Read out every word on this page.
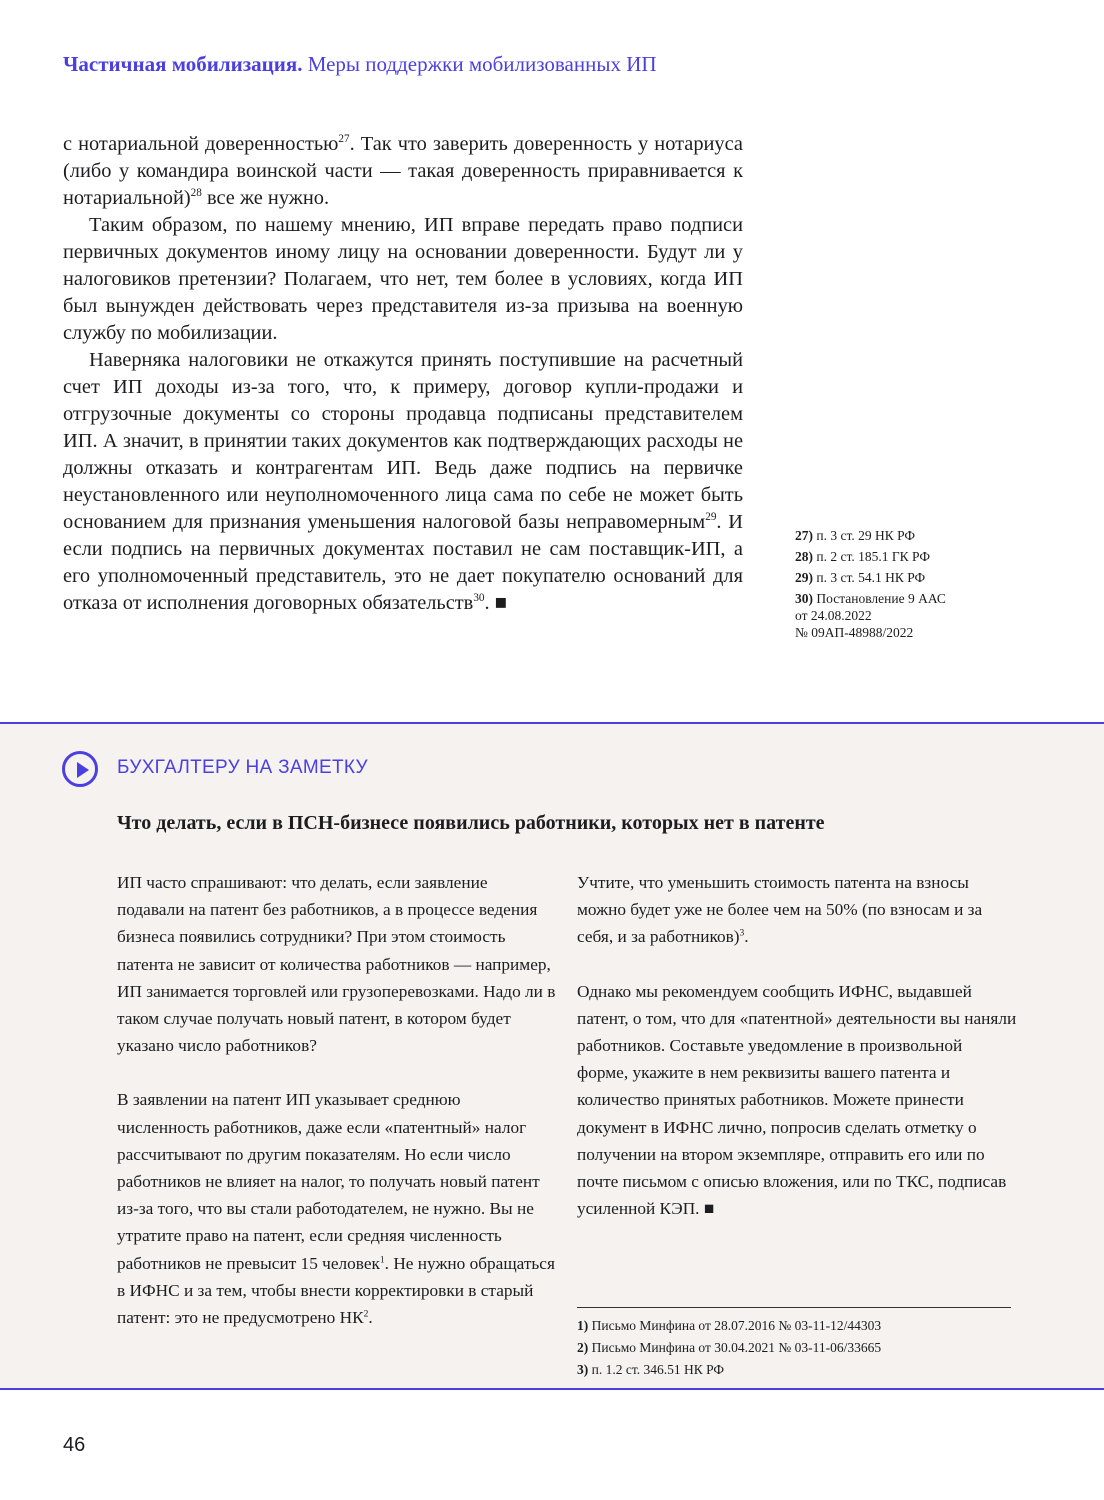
Частичная мобилизация. Меры поддержки мобилизованных ИП

с нотариальной доверенностью$^{27}$. Так что заверить доверенность у нотариуса (либо у командира воинской части — такая доверенность приравнивается к нотариальной)$^{28}$ все же нужно.

Таким образом, по нашему мнению, ИП вправе передать право подписи первичных документов иному лицу на основании доверенности. Будут ли у налоговиков претензии? Полагаем, что нет, тем более в условиях, когда ИП был вынужден действовать через представителя из-за призыва на военную службу по мобилизации.

Наверняка налоговики не откажутся принять поступившие на расчетный счет ИП доходы из-за того, что, к примеру, договор купли-продажи и отгрузочные документы со стороны продавца подписаны представителем ИП. А значит, в принятии таких документов как подтверждающих расходы не должны отказать и контрагентам ИП. Ведь даже подпись на первичке неустановленного или неуполномоченного лица сама по себе не может быть основанием для признания уменьшения налоговой базы неправомерным$^{29}$. И если подпись на первичных документах поставил не сам поставщик-ИП, а его уполномоченный представитель, это не дает покупателю оснований для отказа от исполнения договорных обязательств$^{30}$. ■

27) п. 3 ст. 29 НК РФ
28) п. 2 ст. 185.1 ГК РФ
29) п. 3 ст. 54.1 НК РФ
30) Постановление 9 ААС
от 24.08.2022
№ 09АП-48988/2022
БУХГАЛТЕРУ НА ЗАМЕТКУ
Что делать, если в ПСН-бизнесе появились работники, которых нет в патенте

ИП часто спрашивают: что делать, если заявление подавали на патент без работников, а в процессе ведения бизнеса появились сотрудники? При этом стоимость патента не зависит от количества работников — например, ИП занимается торговлей или грузоперевозками. Надо ли в таком случае получать новый патент, в котором будет указано число работников?

В заявлении на патент ИП указывает среднюю численность работников, даже если «патентный» налог рассчитывают по другим показателям. Но если число работников не влияет на налог, то получать новый патент из-за того, что вы стали работодателем, не нужно. Вы не утратите право на патент, если средняя численность работников не превысит 15 человек$^1$. Не нужно обращаться в ИФНС и за тем, чтобы внести корректировки в старый патент: это не предусмотрено $НК^2$.

Учтите, что уменьшить стоимость патента на взносы можно будет уже не более чем на 50% (по взносам и за себя, и за работников)$^3$.

Однако мы рекомендуем сообщить ИФНС, выдавшей патент, о том, что для «патентной» деятельности вы наняли работников. Составьте уведомление в произвольной форме, укажите в нем реквизиты вашего патента и количество принятых работников. Можете принести документ в ИФНС лично, попросив сделать отметку о получении на втором экземпляре, отправить его или по почте письмом с описью вложения, или по ТКС, подписав усиленной КЭП. ■

1) Письмо Минфина от 28.07.2016 № 03-11-12/44303
2) Письмо Минфина от 30.04.2021 № 03-11-06/33665
3) п. 1.2 ст. 346.51 НК РФ
46
